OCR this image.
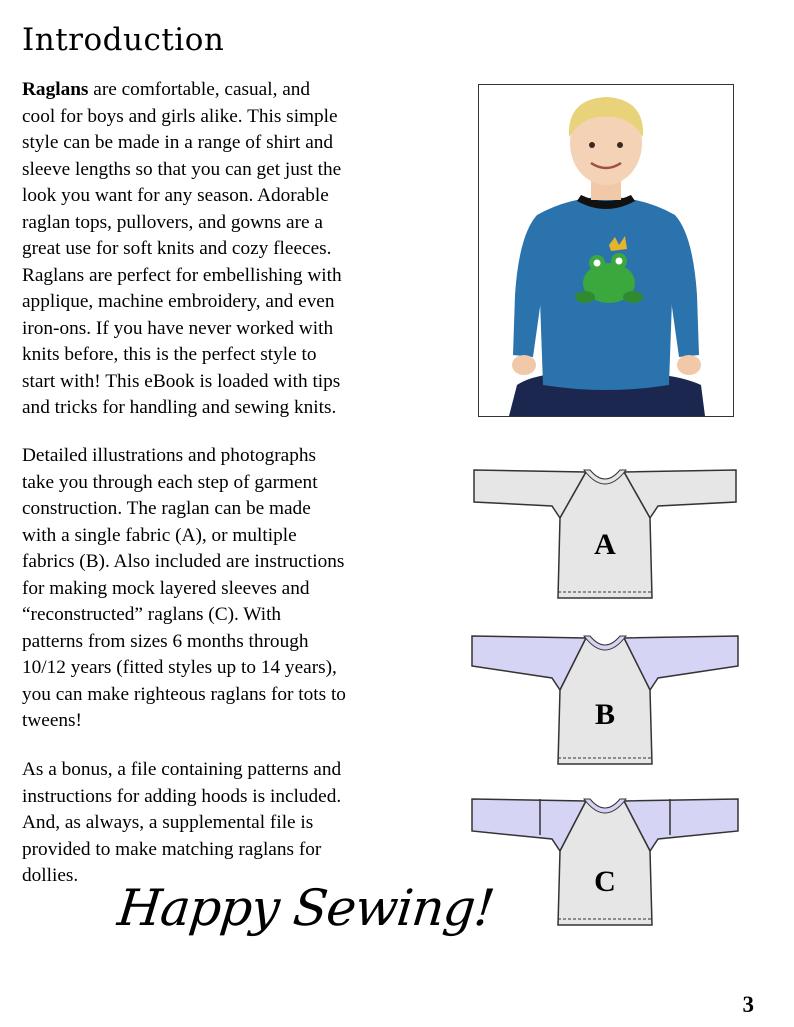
Introduction

Raglans are comfortable, casual, and
cool for boys and girls alike. This simple
style can be made in a range of shirt and
sleeve lengths so that you can get just the
look you want for any season. Adorable
raglan tops, pullovers, and gowns are a
great use for soft knits and cozy fleeces.
Raglans are perfect for embellishing with
applique, machine embroidery, and even
iron-ons. If you have never worked with
knits before, this is the perfect style to
start with! This eBook is loaded with tips
and tricks for handling and sewing knits.

Detailed illustrations and photographs
take you through each step of garment
construction. The raglan can be made
with a single fabric (A), or multiple
fabrics (B). Also included are instructions
for making mock layered sleeves and
“reconstructed” raglans (C). With
patterns from sizes 6 months through
10/12 years (fitted styles up to 14 years),
you can make righteous raglans for tots to
tweens!

As a bonus, a file containing patterns and
instructions for adding hoods is included.
And, as always, a supplemental file is
provided to make matching raglans for
dollies.

Happy Sewing!
3
A
B
C
